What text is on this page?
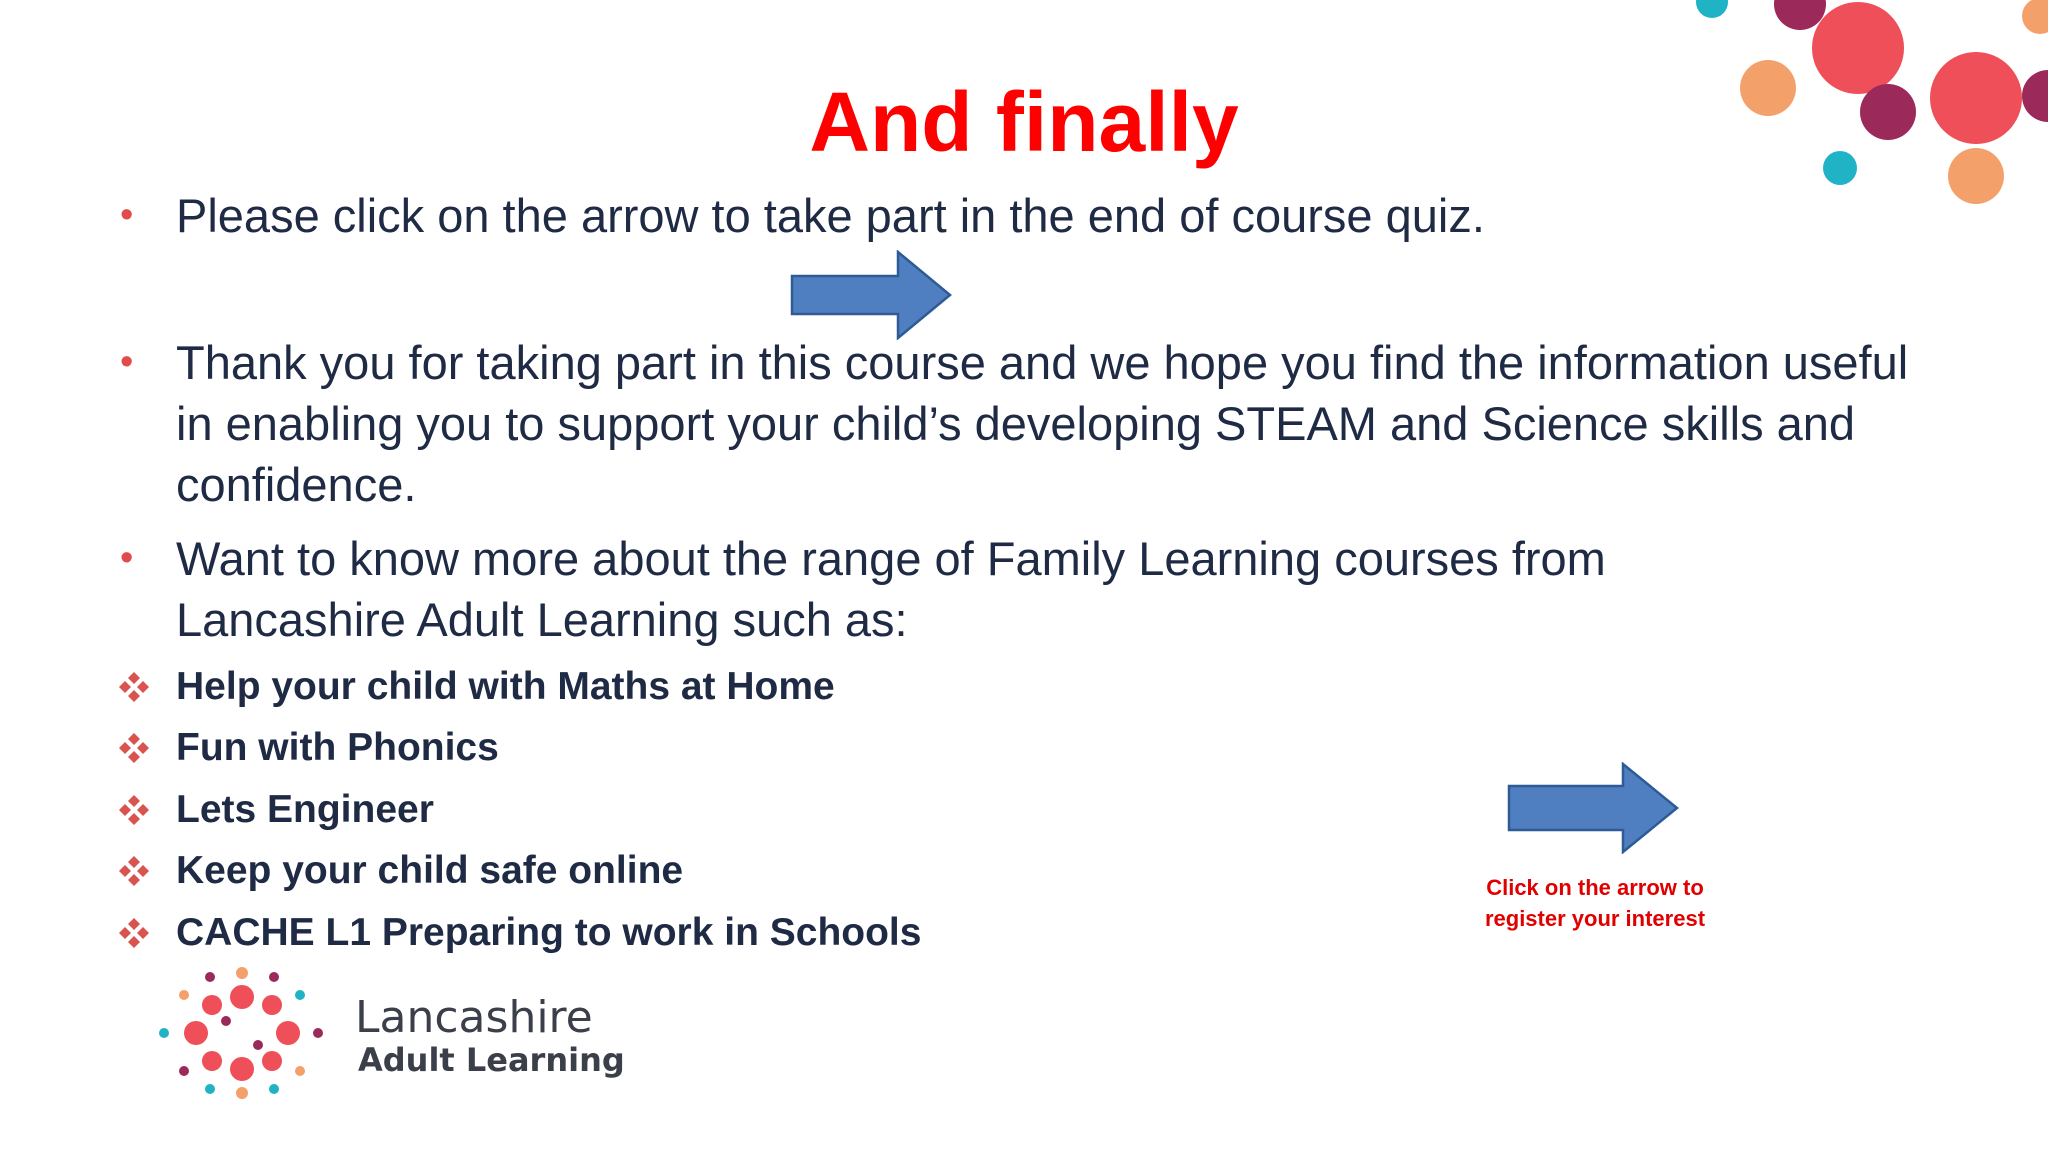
And finally
• Please click on the arrow to take part in the end of course quiz.
• Thank you for taking part in this course and we hope you find the information useful in enabling you to support your child’s developing STEAM and Science skills and confidence.
• Want to know more about the range of Family Learning courses from Lancashire Adult Learning such as:
Help your child with Maths at Home
Fun with Phonics
Lets Engineer
Keep your child safe online
CACHE L1 Preparing to work in Schools
Click on the arrow to
register your interest
Lancashire
Adult Learning
